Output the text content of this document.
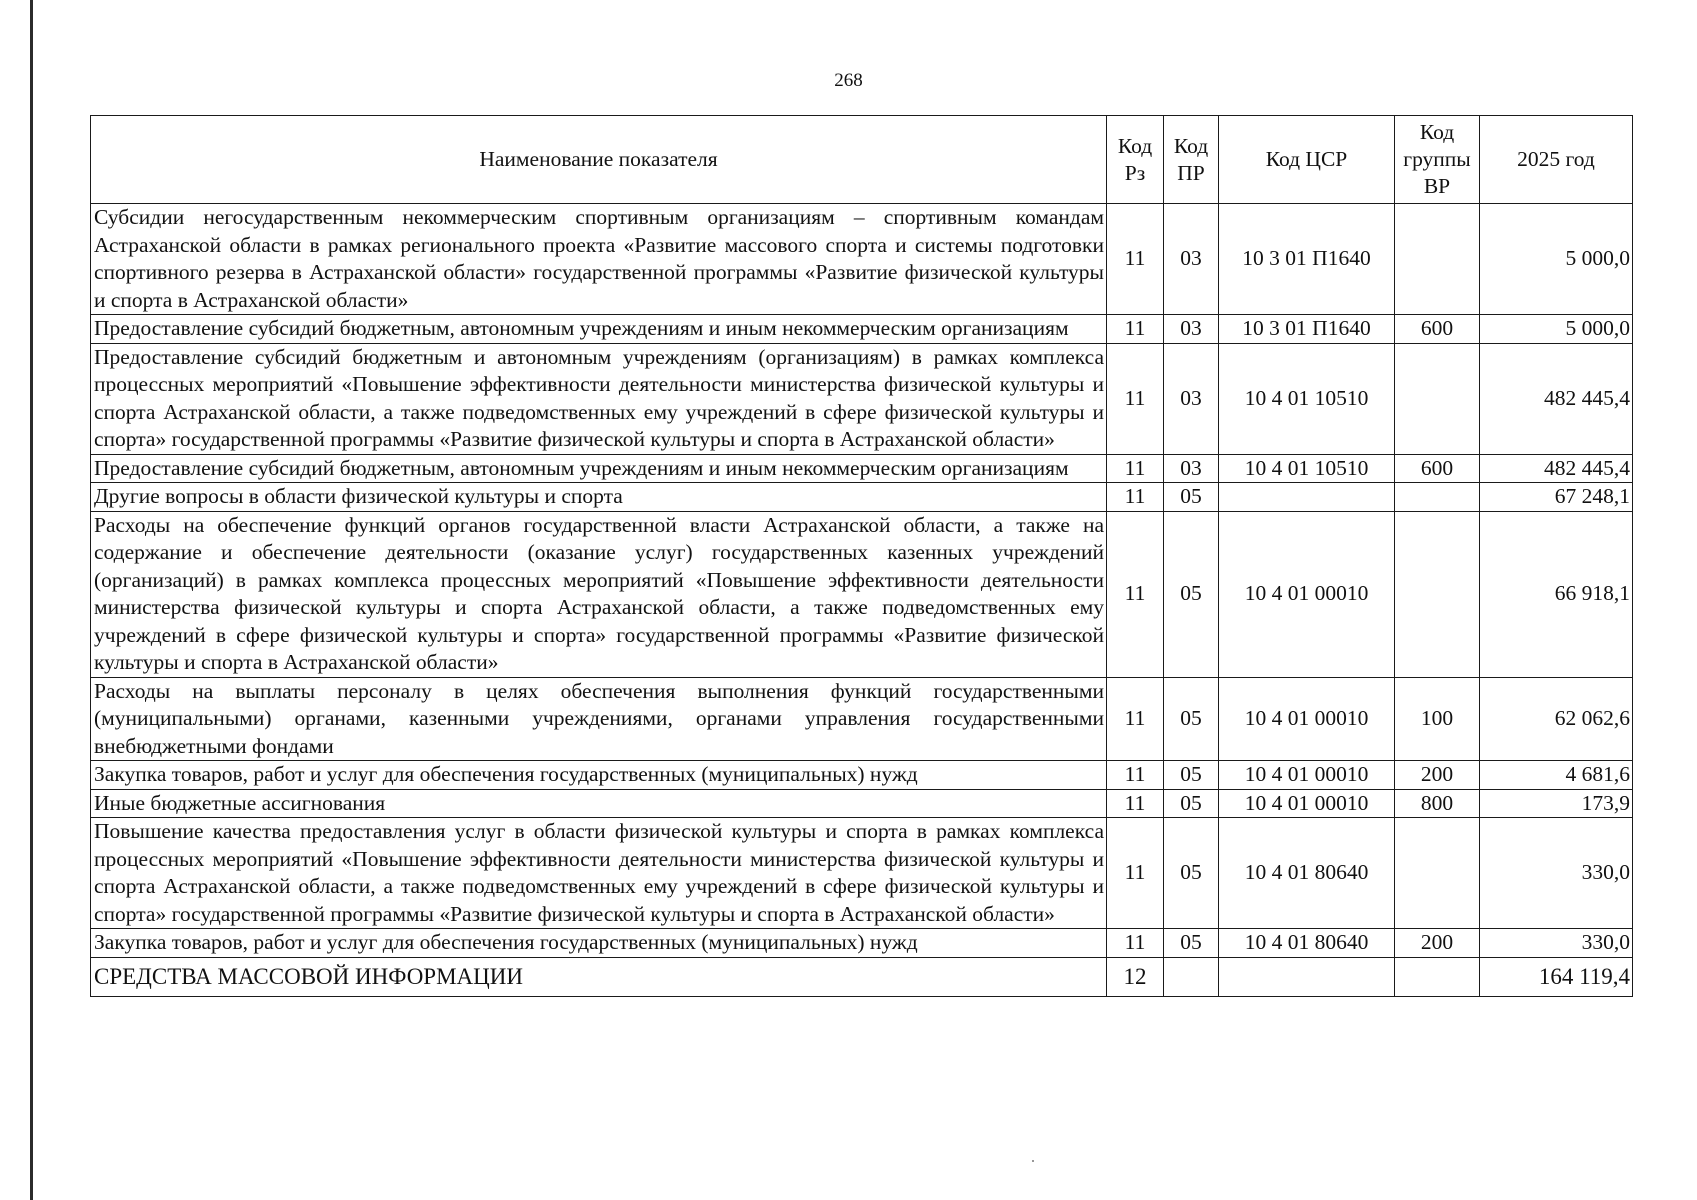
268
Наименование показателя	Код Рз	Код ПР	Код ЦСР	Код группы ВР	2025 год
Субсидии негосударственным некоммерческим спортивным организациям – спортивным командам Астраханской области в рамках регионального проекта «Развитие массового спорта и системы подготовки спортивного резерва в Астраханской области» государственной программы «Развитие физической культуры и спорта в Астраханской области»	11	03	10 3 01 П1640		5 000,0
Предоставление субсидий бюджетным, автономным учреждениям и иным некоммерческим организациям	11	03	10 3 01 П1640	600	5 000,0
Предоставление субсидий бюджетным и автономным учреждениям (организациям) в рамках комплекса процессных мероприятий «Повышение эффективности деятельности министерства физической культуры и спорта Астраханской области, а также подведомственных ему учреждений в сфере физической культуры и спорта» государственной программы «Развитие физической культуры и спорта в Астраханской области»	11	03	10 4 01 10510		482 445,4
Предоставление субсидий бюджетным, автономным учреждениям и иным некоммерческим организациям	11	03	10 4 01 10510	600	482 445,4
Другие вопросы в области физической культуры и спорта	11	05			67 248,1
Расходы на обеспечение функций органов государственной власти Астраханской области, а также на содержание и обеспечение деятельности (оказание услуг) государственных казенных учреждений (организаций) в рамках комплекса процессных мероприятий «Повышение эффективности деятельности министерства физической культуры и спорта Астраханской области, а также подведомственных ему учреждений в сфере физической культуры и спорта» государственной программы «Развитие физической культуры и спорта в Астраханской области»	11	05	10 4 01 00010		66 918,1
Расходы на выплаты персоналу в целях обеспечения выполнения функций государственными (муниципальными) органами, казенными учреждениями, органами управления государственными внебюджетными фондами	11	05	10 4 01 00010	100	62 062,6
Закупка товаров, работ и услуг для обеспечения государственных (муниципальных) нужд	11	05	10 4 01 00010	200	4 681,6
Иные бюджетные ассигнования	11	05	10 4 01 00010	800	173,9
Повышение качества предоставления услуг в области физической культуры и спорта в рамках комплекса процессных мероприятий «Повышение эффективности деятельности министерства физической культуры и спорта Астраханской области, а также подведомственных ему учреждений в сфере физической культуры и спорта» государственной программы «Развитие физической культуры и спорта в Астраханской области»	11	05	10 4 01 80640		330,0
Закупка товаров, работ и услуг для обеспечения государственных (муниципальных) нужд	11	05	10 4 01 80640	200	330,0
СРЕДСТВА МАССОВОЙ ИНФОРМАЦИИ	12				164 119,4
